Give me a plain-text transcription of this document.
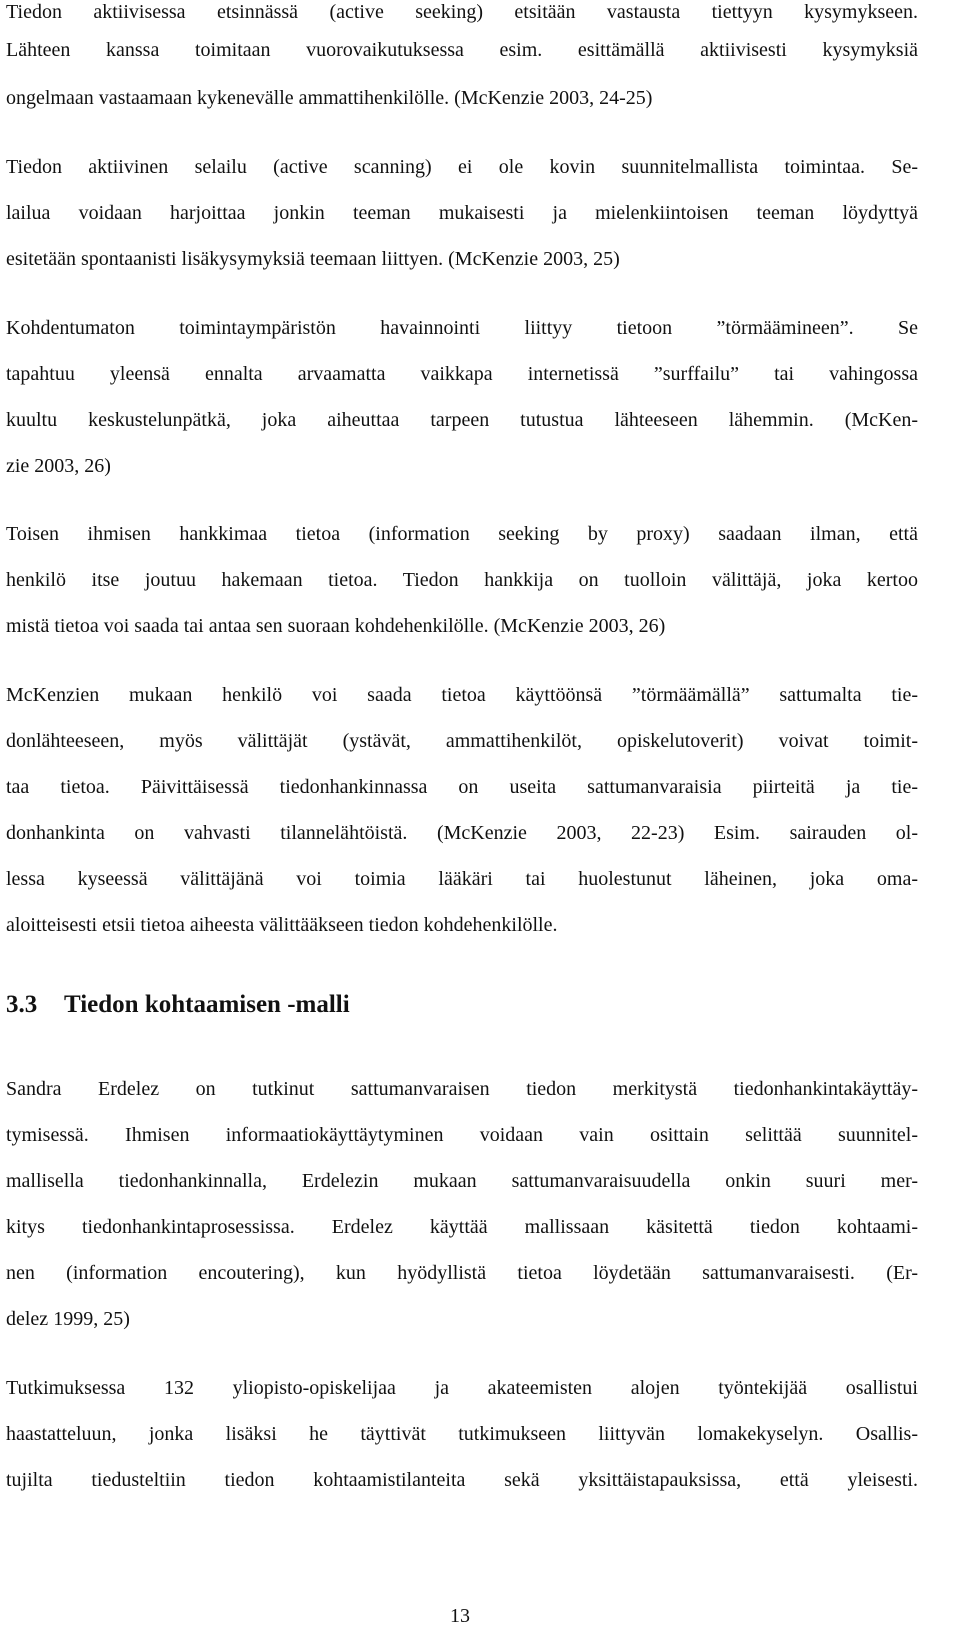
Tiedon aktiivisessa etsinnässä (active seeking) etsitään vastausta tiettyyn kysymykseen.

Lähteen kanssa toimitaan vuorovaikutuksessa esim. esittämällä aktiivisesti kysymyksiä

ongelmaan vastaamaan kykenevälle ammattihenkilölle. (McKenzie 2003, 24-25)

Tiedon aktiivinen selailu (active scanning) ei ole kovin suunnitelmallista toimintaa. Se-

lailua voidaan harjoittaa jonkin teeman mukaisesti ja mielenkiintoisen teeman löydyttyä

esitetään spontaanisti lisäkysymyksiä teemaan liittyen. (McKenzie 2003, 25)

Kohdentumaton toimintaympäristön havainnointi liittyy tietoon ”törmäämineen”. Se

tapahtuu yleensä ennalta arvaamatta vaikkapa internetissä ”surffailu” tai vahingossa

kuultu keskustelunpätkä, joka aiheuttaa tarpeen tutustua lähteeseen lähemmin. (McKen-

zie 2003, 26)

Toisen ihmisen hankkimaa tietoa (information seeking by proxy) saadaan ilman, että

henkilö itse joutuu hakemaan tietoa. Tiedon hankkija on tuolloin välittäjä, joka kertoo

mistä tietoa voi saada tai antaa sen suoraan kohdehenkilölle. (McKenzie 2003, 26)

McKenzien mukaan henkilö voi saada tietoa käyttöönsä ”törmäämällä” sattumalta tie-

donlähteeseen, myös välittäjät (ystävät, ammattihenkilöt, opiskelutoverit) voivat toimit-

taa tietoa. Päivittäisessä tiedonhankinnassa on useita sattumanvaraisia piirteitä ja tie-

donhankinta on vahvasti tilannelähtöistä. (McKenzie 2003, 22-23) Esim. sairauden ol-

lessa kyseessä välittäjänä voi toimia lääkäri tai huolestunut läheinen, joka oma-

aloitteisesti etsii tietoa aiheesta välittääkseen tiedon kohdehenkilölle.

3.3 Tiedon kohtaamisen -malli

Sandra Erdelez on tutkinut sattumanvaraisen tiedon merkitystä tiedonhankintakäyttäy-

tymisessä. Ihmisen informaatiokäyttäytyminen voidaan vain osittain selittää suunnitel-

mallisella tiedonhankinnalla, Erdelezin mukaan sattumanvaraisuudella onkin suuri mer-

kitys tiedonhankintaprosessissa. Erdelez käyttää mallissaan käsitettä tiedon kohtaami-

nen (information encoutering), kun hyödyllistä tietoa löydetään sattumanvaraisesti. (Er-

delez 1999, 25)

Tutkimuksessa 132 yliopisto-opiskelijaa ja akateemisten alojen työntekijää osallistui

haastatteluun, jonka lisäksi he täyttivät tutkimukseen liittyvän lomakekyselyn. Osallis-

tujilta tiedusteltiin tiedon kohtaamistilanteita sekä yksittäistapauksissa, että yleisesti.

13
